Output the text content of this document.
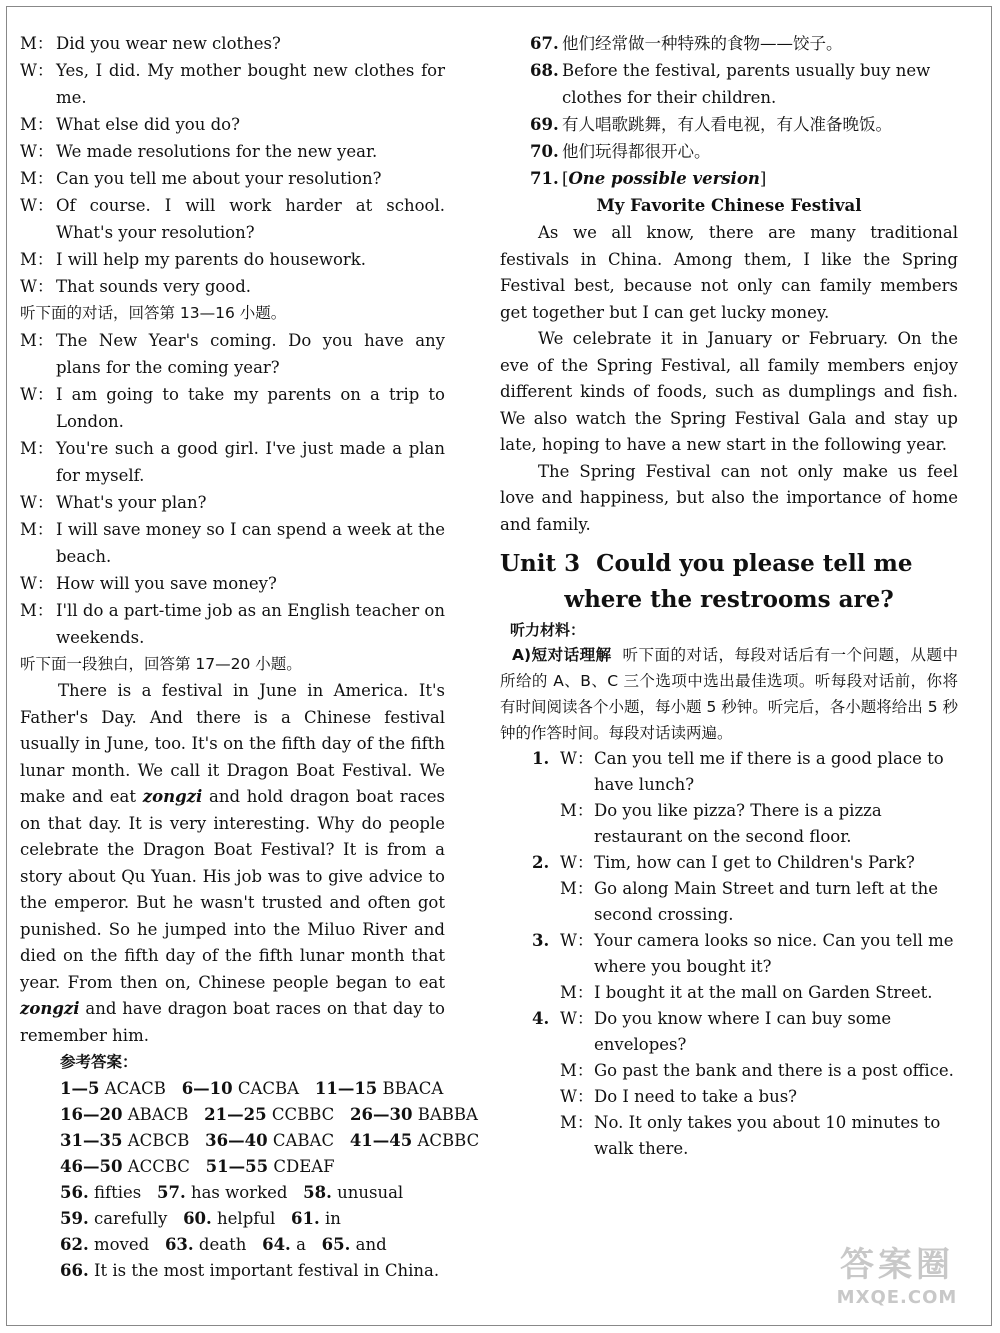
M： Did you wear new clothes?
W： Yes, I did. My mother bought new clothes for me.
M： What else did you do?
W： We made resolutions for the new year.
M： Can you tell me about your resolution?
W： Of course. I will work harder at school. What's your resolution?
M： I will help my parents do housework.
W： That sounds very good.
听下面的对话，回答第 13—16 小题。
M： The New Year's coming. Do you have any plans for the coming year?
W： I am going to take my parents on a trip to London.
M： You're such a good girl. I've just made a plan for myself.
W： What's your plan?
M： I will save money so I can spend a week at the beach.
W： How will you save money?
M： I'll do a part-time job as an English teacher on weekends.
听下面一段独白，回答第 17—20 小题。
There is a festival in June in America. It's Father's Day. And there is a Chinese festival usually in June, too. It's on the fifth day of the fifth lunar month. We call it Dragon Boat Festival. We make and eat zongzi and hold dragon boat races on that day. It is very interesting. Why do people celebrate the Dragon Boat Festival? It is from a story about Qu Yuan. His job was to give advice to the emperor. But he wasn't trusted and often got punished. So he jumped into the Miluo River and died on the fifth day of the fifth lunar month that year. From then on, Chinese people began to eat zongzi and have dragon boat races on that day to remember him.
参考答案：
1—5 ACACB 6—10 CACBA 11—15 BBACA
16—20 ABACB 21—25 CCBBC 26—30 BABBA
31—35 ACBCB 36—40 CABAC 41—45 ACBBC
46—50 ACCBC 51—55 CDEAF
56. fifties 57. has worked 58. unusual
59. carefully 60. helpful 61. in
62. moved 63. death 64. a 65. and
66. It is the most important festival in China.
67. 他们经常做一种特殊的食物——饺子。
68. Before the festival, parents usually buy new clothes for their children.
69. 有人唱歌跳舞，有人看电视，有人准备晚饭。
70. 他们玩得都很开心。
71. [One possible version]
My Favorite Chinese Festival
As we all know, there are many traditional festivals in China. Among them, I like the Spring Festival best, because not only can family members get together but I can get lucky money.
We celebrate it in January or February. On the eve of the Spring Festival, all family members enjoy different kinds of foods, such as dumplings and fish. We also watch the Spring Festival Gala and stay up late, hoping to have a new start in the following year.
The Spring Festival can not only make us feel love and happiness, but also the importance of home and family.
Unit 3 Could you please tell me
where the restrooms are?
听力材料：
A)短对话理解 听下面的对话，每段对话后有一个问题，从题中所给的 A、B、C 三个选项中选出最佳选项。听每段对话前，你将有时间阅读各个小题，每小题 5 秒钟。听完后，各小题将给出 5 秒钟的作答时间。每段对话读两遍。
1. W： Can you tell me if there is a good place to have lunch?
M： Do you like pizza? There is a pizza restaurant on the second floor.
2. W： Tim, how can I get to Children's Park?
M： Go along Main Street and turn left at the second crossing.
3. W： Your camera looks so nice. Can you tell me where you bought it?
M： I bought it at the mall on Garden Street.
4. W： Do you know where I can buy some envelopes?
M： Go past the bank and there is a post office.
W： Do I need to take a bus?
M： No. It only takes you about 10 minutes to walk there.
答案圈
MXQE.COM
